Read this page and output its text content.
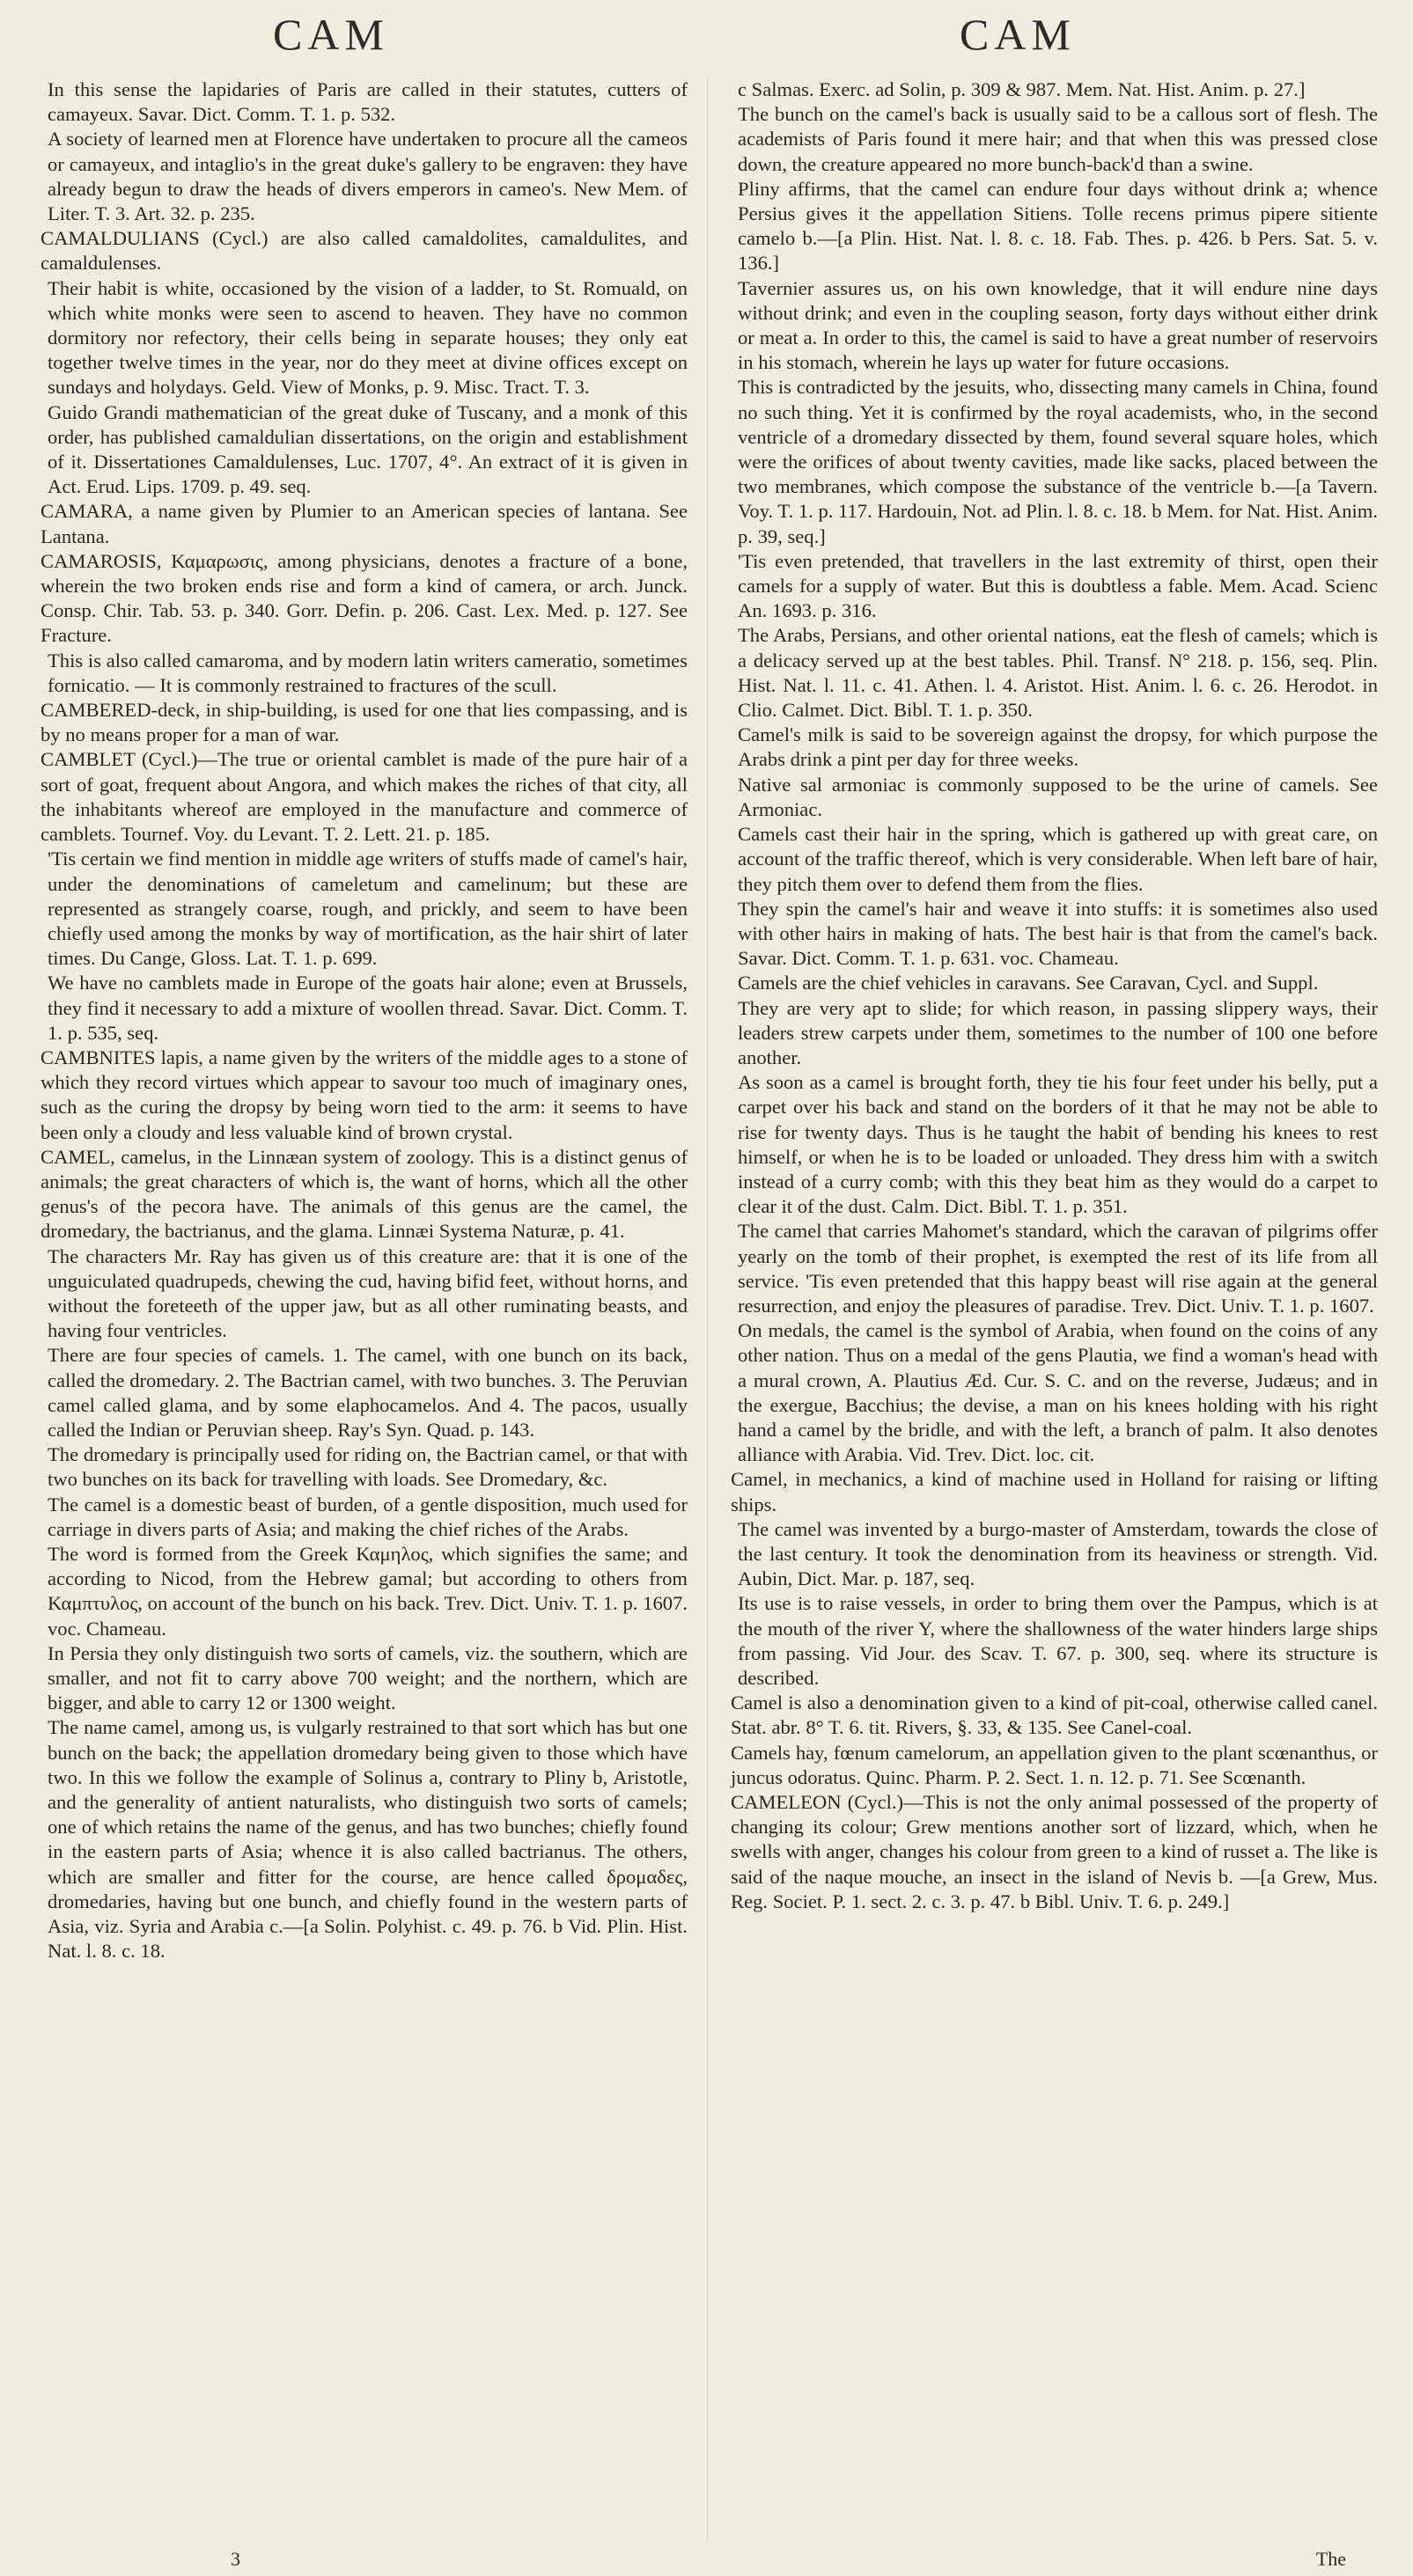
CAM	CAM

In this sense the lapidaries of Paris are called in their statutes, cutters of camayeux. Savar. Dict. Comm. T. 1. p. 532.

A society of learned men at Florence have undertaken to procure all the cameos or camayeux, and intaglio's in the great duke's gallery to be engraven: they have already begun to draw the heads of divers emperors in cameo's. New Mem. of Liter. T. 3. Art. 32. p. 235.

CAMALDULIANS (Cycl.) are also called camaldolites, camaldulites, and camaldulenses.

Their habit is white, occasioned by the vision of a ladder, to St. Romuald, on which white monks were seen to ascend to heaven. They have no common dormitory nor refectory, their cells being in separate houses; they only eat together twelve times in the year, nor do they meet at divine offices except on sundays and holydays. Geld. View of Monks, p. 9. Misc. Tract. T. 3.

Guido Grandi mathematician of the great duke of Tuscany, and a monk of this order, has published camaldulian dissertations, on the origin and establishment of it. Dissertationes Camaldulenses, Luc. 1707, 4°. An extract of it is given in Act. Erud. Lips. 1709. p. 49. seq.

CAMARA, a name given by Plumier to an American species of lantana. See Lantana.

CAMAROSIS, Καμαρωσις, among physicians, denotes a fracture of a bone, wherein the two broken ends rise and form a kind of camera, or arch. Junck. Consp. Chir. Tab. 53. p. 340. Gorr. Defin. p. 206. Cast. Lex. Med. p. 127. See Fracture.

This is also called camaroma, and by modern latin writers cameratio, sometimes fornicatio. — It is commonly restrained to fractures of the scull.

CAMBERED-deck, in ship-building, is used for one that lies compassing, and is by no means proper for a man of war.

CAMBLET (Cycl.)—The true or oriental camblet is made of the pure hair of a sort of goat, frequent about Angora, and which makes the riches of that city, all the inhabitants whereof are employed in the manufacture and commerce of camblets. Tournef. Voy. du Levant. T. 2. Lett. 21. p. 185.

'Tis certain we find mention in middle age writers of stuffs made of camel's hair, under the denominations of cameletum and camelinum; but these are represented as strangely coarse, rough, and prickly, and seem to have been chiefly used among the monks by way of mortification, as the hair shirt of later times. Du Cange, Gloss. Lat. T. 1. p. 699.

We have no camblets made in Europe of the goats hair alone; even at Brussels, they find it necessary to add a mixture of woollen thread. Savar. Dict. Comm. T. 1. p. 535, seq.

CAMBNITES lapis, a name given by the writers of the middle ages to a stone of which they record virtues which appear to savour too much of imaginary ones, such as the curing the dropsy by being worn tied to the arm: it seems to have been only a cloudy and less valuable kind of brown crystal.

CAMEL, camelus, in the Linnæan system of zoology. This is a distinct genus of animals; the great characters of which is, the want of horns, which all the other genus's of the pecora have. The animals of this genus are the camel, the dromedary, the bactrianus, and the glama. Linnæi Systema Naturæ, p. 41.

The characters Mr. Ray has given us of this creature are: that it is one of the unguiculated quadrupeds, chewing the cud, having bifid feet, without horns, and without the foreteeth of the upper jaw, but as all other ruminating beasts, and having four ventricles.

There are four species of camels. 1. The camel, with one bunch on its back, called the dromedary. 2. The Bactrian camel, with two bunches. 3. The Peruvian camel called glama, and by some elaphocamelos. And 4. The pacos, usually called the Indian or Peruvian sheep. Ray's Syn. Quad. p. 143.

The dromedary is principally used for riding on, the Bactrian camel, or that with two bunches on its back for travelling with loads. See Dromedary, &c.

The camel is a domestic beast of burden, of a gentle disposition, much used for carriage in divers parts of Asia; and making the chief riches of the Arabs.

The word is formed from the Greek Καμηλος, which signifies the same; and according to Nicod, from the Hebrew gamal; but according to others from Καμπτυλος, on account of the bunch on his back. Trev. Dict. Univ. T. 1. p. 1607. voc. Chameau.

In Persia they only distinguish two sorts of camels, viz. the southern, which are smaller, and not fit to carry above 700 weight; and the northern, which are bigger, and able to carry 12 or 1300 weight.

The name camel, among us, is vulgarly restrained to that sort which has but one bunch on the back; the appellation dromedary being given to those which have two. In this we follow the example of Solinus a, contrary to Pliny b, Aristotle, and the generality of antient naturalists, who distinguish two sorts of camels; one of which retains the name of the genus, and has two bunches; chiefly found in the eastern parts of Asia; whence it is also called bactrianus. The others, which are smaller and fitter for the course, are hence called δρομαδες, dromedaries, having but one bunch, and chiefly found in the western parts of Asia, viz. Syria and Arabia c.—[a Solin. Polyhist. c. 49. p. 76. b Vid. Plin. Hist. Nat. l. 8. c. 18.

c Salmas. Exerc. ad Solin, p. 309 & 987. Mem. Nat. Hist. Anim. p. 27.]

The bunch on the camel's back is usually said to be a callous sort of flesh. The academists of Paris found it mere hair; and that when this was pressed close down, the creature appeared no more bunch-back'd than a swine.

Pliny affirms, that the camel can endure four days without drink a; whence Persius gives it the appellation Sitiens. Tolle recens primus pipere sitiente camelo b.—[a Plin. Hist. Nat. l. 8. c. 18. Fab. Thes. p. 426. b Pers. Sat. 5. v. 136.]

Tavernier assures us, on his own knowledge, that it will endure nine days without drink; and even in the coupling season, forty days without either drink or meat a. In order to this, the camel is said to have a great number of reservoirs in his stomach, wherein he lays up water for future occasions.

This is contradicted by the jesuits, who, dissecting many camels in China, found no such thing. Yet it is confirmed by the royal academists, who, in the second ventricle of a dromedary dissected by them, found several square holes, which were the orifices of about twenty cavities, made like sacks, placed between the two membranes, which compose the substance of the ventricle b.—[a Tavern. Voy. T. 1. p. 117. Hardouin, Not. ad Plin. l. 8. c. 18. b Mem. for Nat. Hist. Anim. p. 39, seq.]

'Tis even pretended, that travellers in the last extremity of thirst, open their camels for a supply of water. But this is doubtless a fable. Mem. Acad. Scienc An. 1693. p. 316.

The Arabs, Persians, and other oriental nations, eat the flesh of camels; which is a delicacy served up at the best tables. Phil. Transf. N° 218. p. 156, seq. Plin. Hist. Nat. l. 11. c. 41. Athen. l. 4. Aristot. Hist. Anim. l. 6. c. 26. Herodot. in Clio. Calmet. Dict. Bibl. T. 1. p. 350.

Camel's milk is said to be sovereign against the dropsy, for which purpose the Arabs drink a pint per day for three weeks.

Native sal armoniac is commonly supposed to be the urine of camels. See Armoniac.

Camels cast their hair in the spring, which is gathered up with great care, on account of the traffic thereof, which is very considerable. When left bare of hair, they pitch them over to defend them from the flies.

They spin the camel's hair and weave it into stuffs: it is sometimes also used with other hairs in making of hats. The best hair is that from the camel's back. Savar. Dict. Comm. T. 1. p. 631. voc. Chameau.

Camels are the chief vehicles in caravans. See Caravan, Cycl. and Suppl.

They are very apt to slide; for which reason, in passing slippery ways, their leaders strew carpets under them, sometimes to the number of 100 one before another.

As soon as a camel is brought forth, they tie his four feet under his belly, put a carpet over his back and stand on the borders of it that he may not be able to rise for twenty days. Thus is he taught the habit of bending his knees to rest himself, or when he is to be loaded or unloaded. They dress him with a switch instead of a curry comb; with this they beat him as they would do a carpet to clear it of the dust. Calm. Dict. Bibl. T. 1. p. 351.

The camel that carries Mahomet's standard, which the caravan of pilgrims offer yearly on the tomb of their prophet, is exempted the rest of its life from all service. 'Tis even pretended that this happy beast will rise again at the general resurrection, and enjoy the pleasures of paradise. Trev. Dict. Univ. T. 1. p. 1607.

On medals, the camel is the symbol of Arabia, when found on the coins of any other nation. Thus on a medal of the gens Plautia, we find a woman's head with a mural crown, A. Plautius Æd. Cur. S. C. and on the reverse, Judæus; and in the exergue, Bacchius; the devise, a man on his knees holding with his right hand a camel by the bridle, and with the left, a branch of palm. It also denotes alliance with Arabia. Vid. Trev. Dict. loc. cit.

Camel, in mechanics, a kind of machine used in Holland for raising or lifting ships.

The camel was invented by a burgo-master of Amsterdam, towards the close of the last century. It took the denomination from its heaviness or strength. Vid. Aubin, Dict. Mar. p. 187, seq.

Its use is to raise vessels, in order to bring them over the Pampus, which is at the mouth of the river Y, where the shallowness of the water hinders large ships from passing. Vid Jour. des Scav. T. 67. p. 300, seq. where its structure is described.

Camel is also a denomination given to a kind of pit-coal, otherwise called canel. Stat. abr. 8° T. 6. tit. Rivers, §. 33, & 135. See Canel-coal.

Camels hay, fœnum camelorum, an appellation given to the plant scœnanthus, or juncus odoratus. Quinc. Pharm. P. 2. Sect. 1. n. 12. p. 71. See Scœnanth.

CAMELEON (Cycl.)—This is not the only animal possessed of the property of changing its colour; Grew mentions another sort of lizzard, which, when he swells with anger, changes his colour from green to a kind of russet a. The like is said of the naque mouche, an insect in the island of Nevis b. —[a Grew, Mus. Reg. Societ. P. 1. sect. 2. c. 3. p. 47. b Bibl. Univ. T. 6. p. 249.]

3	The
